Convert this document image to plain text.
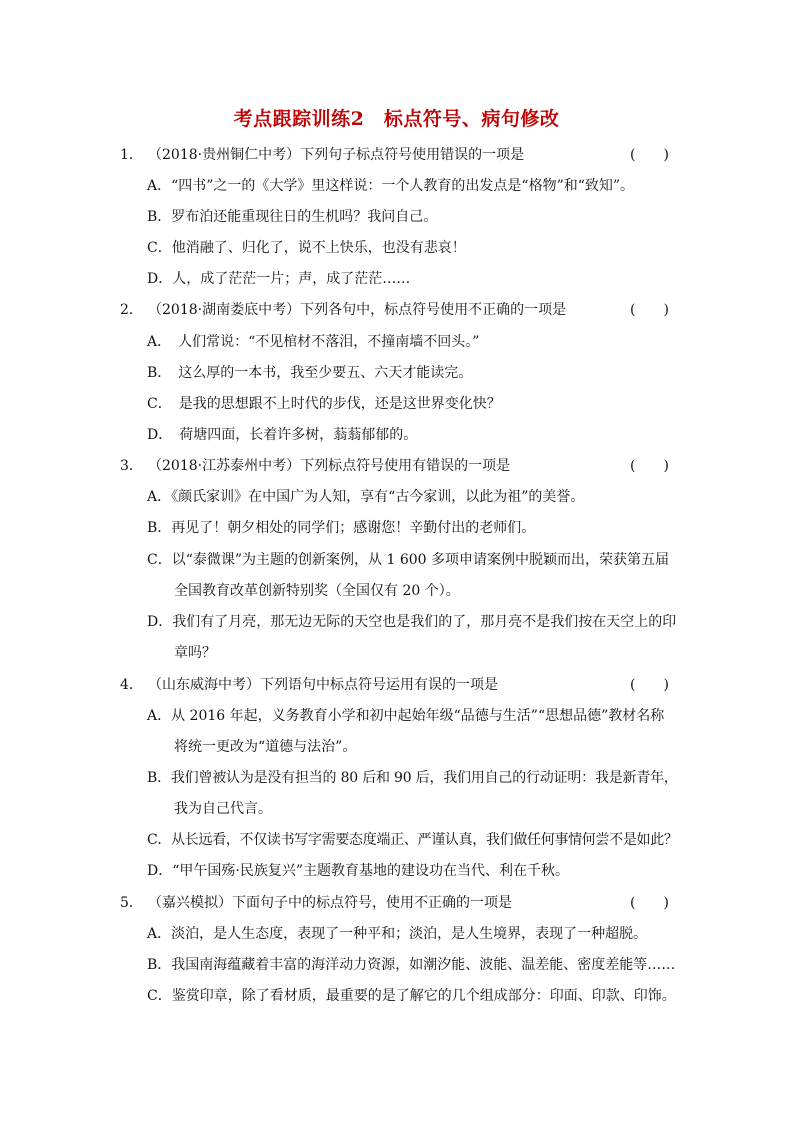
考点跟踪训练2　标点符号、病句修改
1． （2018·贵州铜仁中考）下列句子标点符号使用错误的一项是	(　　)
A．“四书”之一的《大学》里这样说：一个人教育的出发点是“格物”和“致知”。
B．罗布泊还能重现往日的生机吗？我问自己。
C．他消融了、归化了，说不上快乐，也没有悲哀！
D．人，成了茫茫一片；声，成了茫茫……
2． （2018·湖南娄底中考）下列各句中，标点符号使用不正确的一项是	(　　)
A．　人们常说：“不见棺材不落泪，不撞南墙不回头。”
B．　这么厚的一本书，我至少要五、六天才能读完。
C．　是我的思想跟不上时代的步伐，还是这世界变化快？
D．　荷塘四面，长着许多树，蓊蓊郁郁的。
3． （2018·江苏泰州中考）下列标点符号使用有错误的一项是	(　　)
A．《颜氏家训》在中国广为人知，享有“古今家训，以此为祖”的美誉。
B．再见了！朝夕相处的同学们；感谢您！辛勤付出的老师们。
C．以“泰微课”为主题的创新案例，从 1 600 多项申请案例中脱颖而出，荣获第五届
全国教育改革创新特别奖（全国仅有 20 个）。
D．我们有了月亮，那无边无际的天空也是我们的了，那月亮不是我们按在天空上的印
章吗？
4． （山东威海中考）下列语句中标点符号运用有误的一项是	(　　)
A．从 2016 年起，义务教育小学和初中起始年级“品德与生活”“思想品德”教材名称
将统一更改为“道德与法治”。
B．我们曾被认为是没有担当的 80 后和 90 后，我们用自己的行动证明：我是新青年，
我为自己代言。
C．从长远看，不仅读书写字需要态度端正、严谨认真，我们做任何事情何尝不是如此？
D．“甲午国殇·民族复兴”主题教育基地的建设功在当代、利在千秋。
5． （嘉兴模拟）下面句子中的标点符号，使用不正确的一项是	(　　)
A．淡泊，是人生态度，表现了一种平和；淡泊，是人生境界，表现了一种超脱。
B．我国南海蕴藏着丰富的海洋动力资源，如潮汐能、波能、温差能、密度差能等……
C．鉴赏印章，除了看材质，最重要的是了解它的几个组成部分：印面、印款、印饰。
